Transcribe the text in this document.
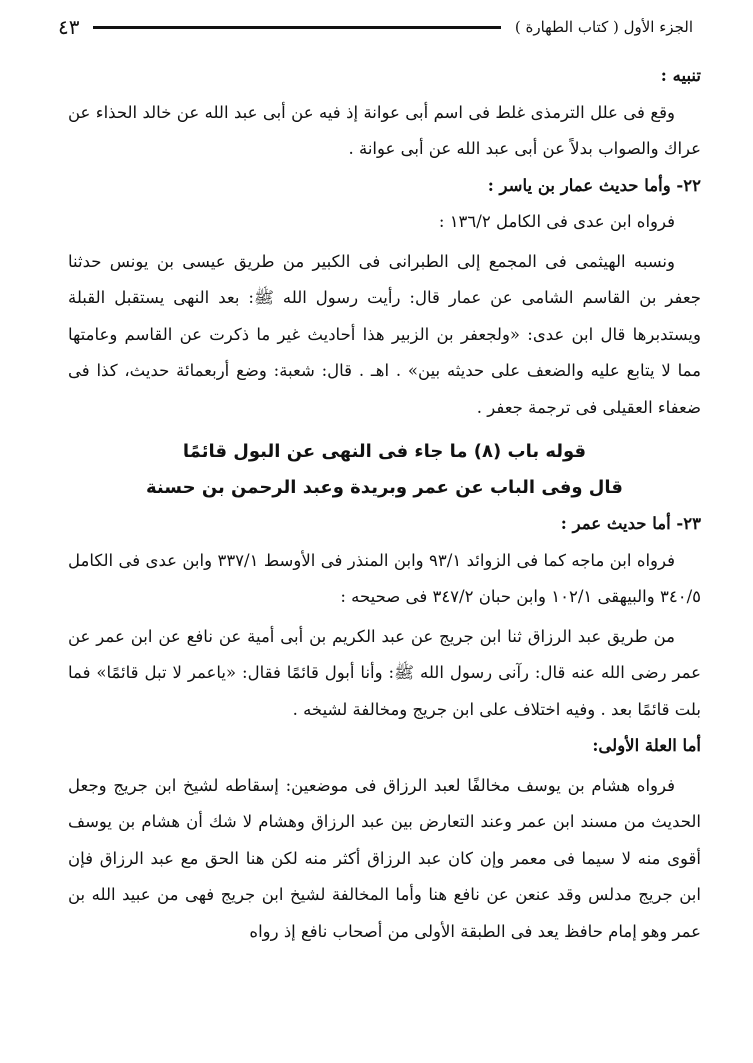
الجزء الأول ( كتاب الطهارة )
٤٣

تنبيه :

وقع فى علل الترمذى غلط فى اسم أبى عوانة إذ فيه عن أبى عبد الله عن خالد الحذاء عن عراك والصواب بدلاً عن أبى عبد الله عن أبى عوانة .

٢٢- وأما حديث عمار بن ياسر :

فرواه ابن عدى فى الكامل ١٣٦/٢ :

ونسبه الهيثمى فى المجمع إلى الطبرانى فى الكبير من طريق عيسى بن يونس حدثنا جعفر بن القاسم الشامى عن عمار قال: رأيت رسول الله ﷺ: بعد النهى يستقبل القبلة ويستدبرها قال ابن عدى: «ولجعفر بن الزبير هذا أحاديث غير ما ذكرت عن القاسم وعامتها مما لا يتابع عليه والضعف على حديثه بين» . اهـ . قال: شعبة: وضع أربعمائة حديث، كذا فى ضعفاء العقيلى فى ترجمة جعفر .

قوله باب (٨) ما جاء فى النهى عن البول قائمًا

قال وفى الباب عن عمر وبريدة وعبد الرحمن بن حسنة

٢٣- أما حديث عمر :

فرواه ابن ماجه كما فى الزوائد ٩٣/١ وابن المنذر فى الأوسط ٣٣٧/١ وابن عدى فى الكامل ٣٤٠/٥ والبيهقى ١٠٢/١ وابن حبان ٣٤٧/٢ فى صحيحه :

من طريق عبد الرزاق ثنا ابن جريج عن عبد الكريم بن أبى أمية عن نافع عن ابن عمر عن عمر رضى الله عنه قال: رآنى رسول الله ﷺ: وأنا أبول قائمًا فقال: «ياعمر لا تبل قائمًا» فما بلت قائمًا بعد . وفيه اختلاف على ابن جريج ومخالفة لشيخه .

أما العلة الأولى:

فرواه هشام بن يوسف مخالفًا لعبد الرزاق فى موضعين: إسقاطه لشيخ ابن جريج وجعل الحديث من مسند ابن عمر وعند التعارض بين عبد الرزاق وهشام لا شك أن هشام بن يوسف أقوى منه لا سيما فى معمر وإن كان عبد الرزاق أكثر منه لكن هنا الحق مع عبد الرزاق فإن ابن جريج مدلس وقد عنعن عن نافع هنا وأما المخالفة لشيخ ابن جريج فهى من عبيد الله بن عمر وهو إمام حافظ يعد فى الطبقة الأولى من أصحاب نافع إذ رواه
